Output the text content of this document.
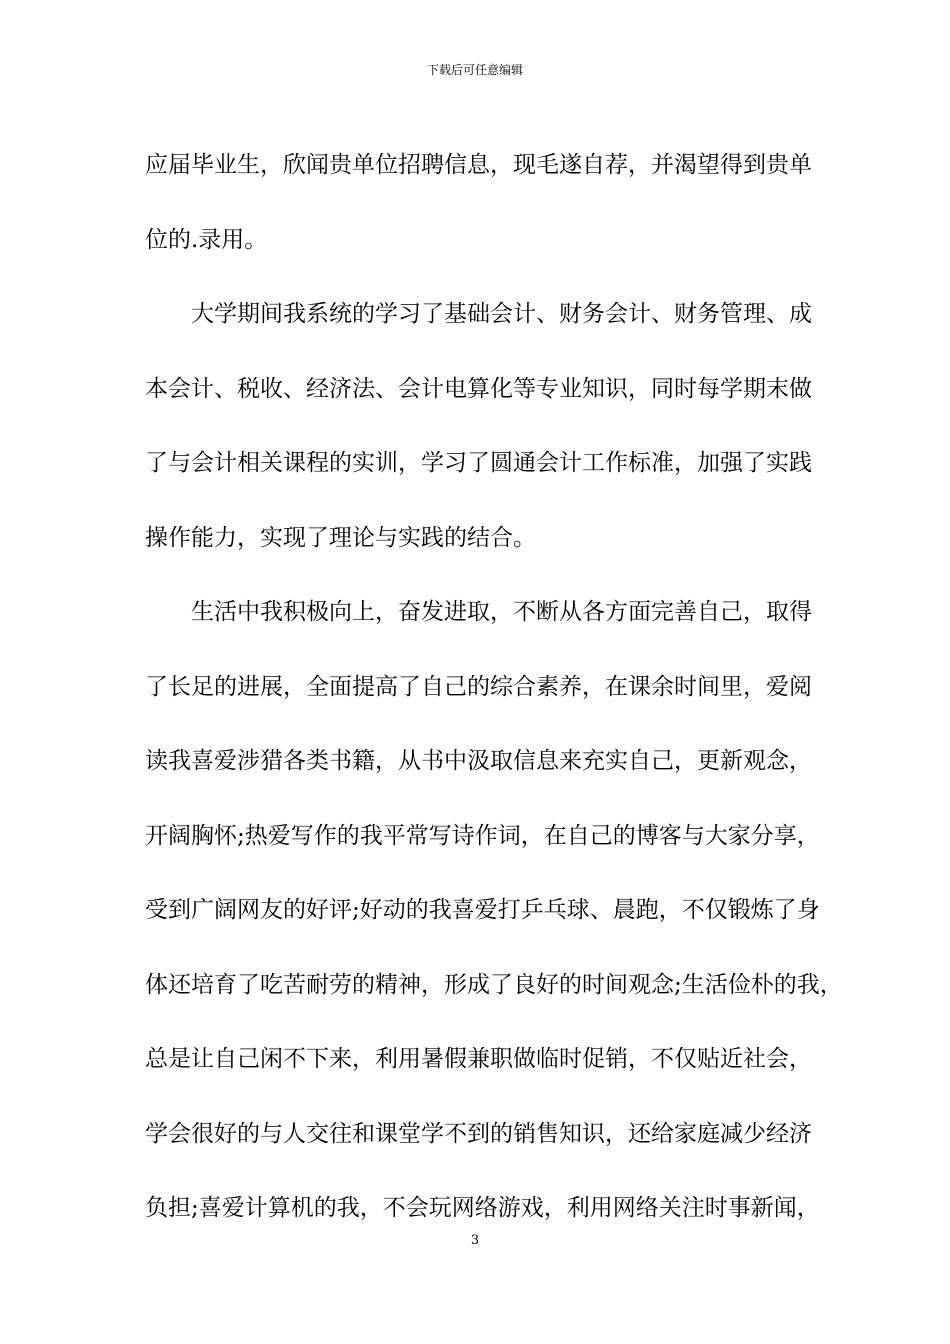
下载后可任意编辑
应届毕业生，欣闻贵单位招聘信息，现毛遂自荐，并渴望得到贵单
位的.录用。
大学期间我系统的学习了基础会计、财务会计、财务管理、成
本会计、税收、经济法、会计电算化等专业知识，同时每学期末做
了与会计相关课程的实训，学习了圆通会计工作标准，加强了实践
操作能力，实现了理论与实践的结合。
生活中我积极向上，奋发进取，不断从各方面完善自己，取得
了长足的进展，全面提高了自己的综合素养，在课余时间里，爱阅
读我喜爱涉猎各类书籍，从书中汲取信息来充实自己，更新观念，
开阔胸怀;热爱写作的我平常写诗作词，在自己的博客与大家分享，
受到广阔网友的好评;好动的我喜爱打乒乓球、晨跑，不仅锻炼了身
体还培育了吃苦耐劳的精神，形成了良好的时间观念;生活俭朴的我，
总是让自己闲不下来，利用暑假兼职做临时促销，不仅贴近社会，
学会很好的与人交往和课堂学不到的销售知识，还给家庭减少经济
负担;喜爱计算机的我，不会玩网络游戏，利用网络关注时事新闻，
3
